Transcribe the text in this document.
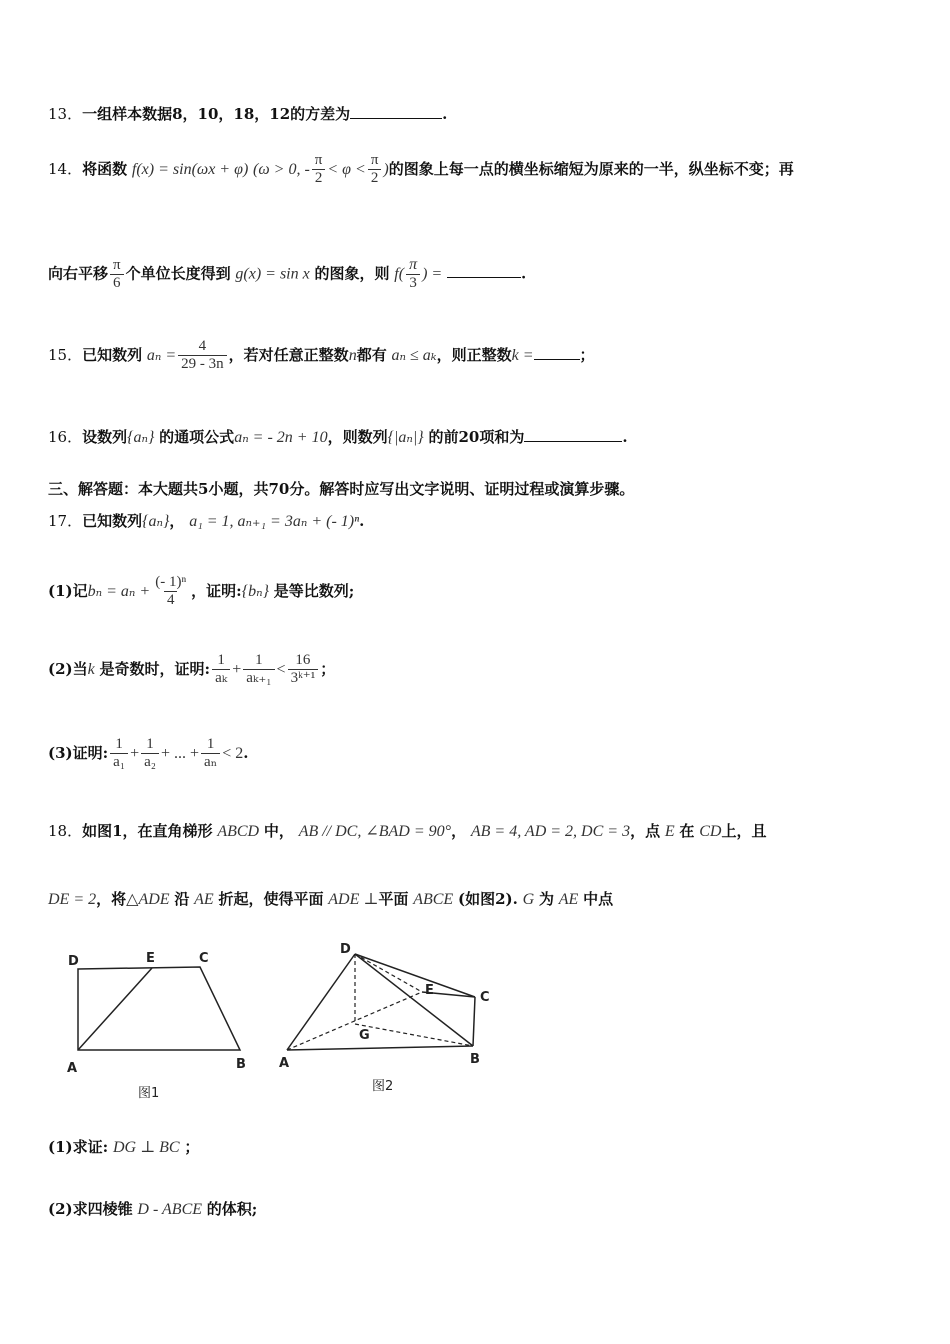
13．一组样本数据8，10，18，12的方差为	.
14．将函数 f(x) = sin(ωx + φ) (ω > 0, - $\frac{\pi}{2} < \varphi < \frac{\pi}{2}$ )的图象上每一点的横坐标缩短为原来的一半，纵坐标不变；再
向右平移 $\frac{\pi}{6}$ 个单位长度得到 g(x) = sin x 的图象，则 $f( \frac{\pi}{3}$ ) =	.
15．已知数列 $a_n = \frac{4}{29 - 3n}$ ，若对任意正整数n都有 aₙ ≤ aₖ，则正整数k =	；
16．设数列{aₙ} 的通项公式aₙ = - 2n + 10，则数列{|aₙ|} 的前20项和为	.
三、解答题：本大题共5小题，共70分。解答时应写出文字说明、证明过程或演算步骤。
17．已知数列{aₙ}， a₁ = 1, aₙ₊₁ = 3aₙ + (- 1)ⁿ.
(1)记$b_n = a_n + \frac{\text{(- 1)ⁿ}}{4}$ ，证明:{bₙ} 是等比数列;
(2)当k 是奇数时，证明: $\frac{1}{\text{aₖ}} + \frac{1}{\text{aₖ₊₁}} < \frac{16}{\text{3ᵏ⁺¹}}$ ；
(3)证明: $\frac{1}{\text{a₁}} + \frac{1}{\text{a₂}}$ + ... + $\frac{1}{\text{aₙ}} < 2$.
18．如图1，在直角梯形 ABCD 中， AB // DC, ∠BAD = 90°， AB = 4, AD = 2, DC = 3，点 E 在 CD上，且
DE = 2，将△ADE 沿 AE 折起，使得平面 ADE ⊥平面 ABCE (如图2). G 为 AE 中点
D	E	C
A	B
图1
D
E	C
G
A	B
图2
(1)求证: DG ⊥ BC ；
(2)求四棱锥 D - ABCE 的体积;
